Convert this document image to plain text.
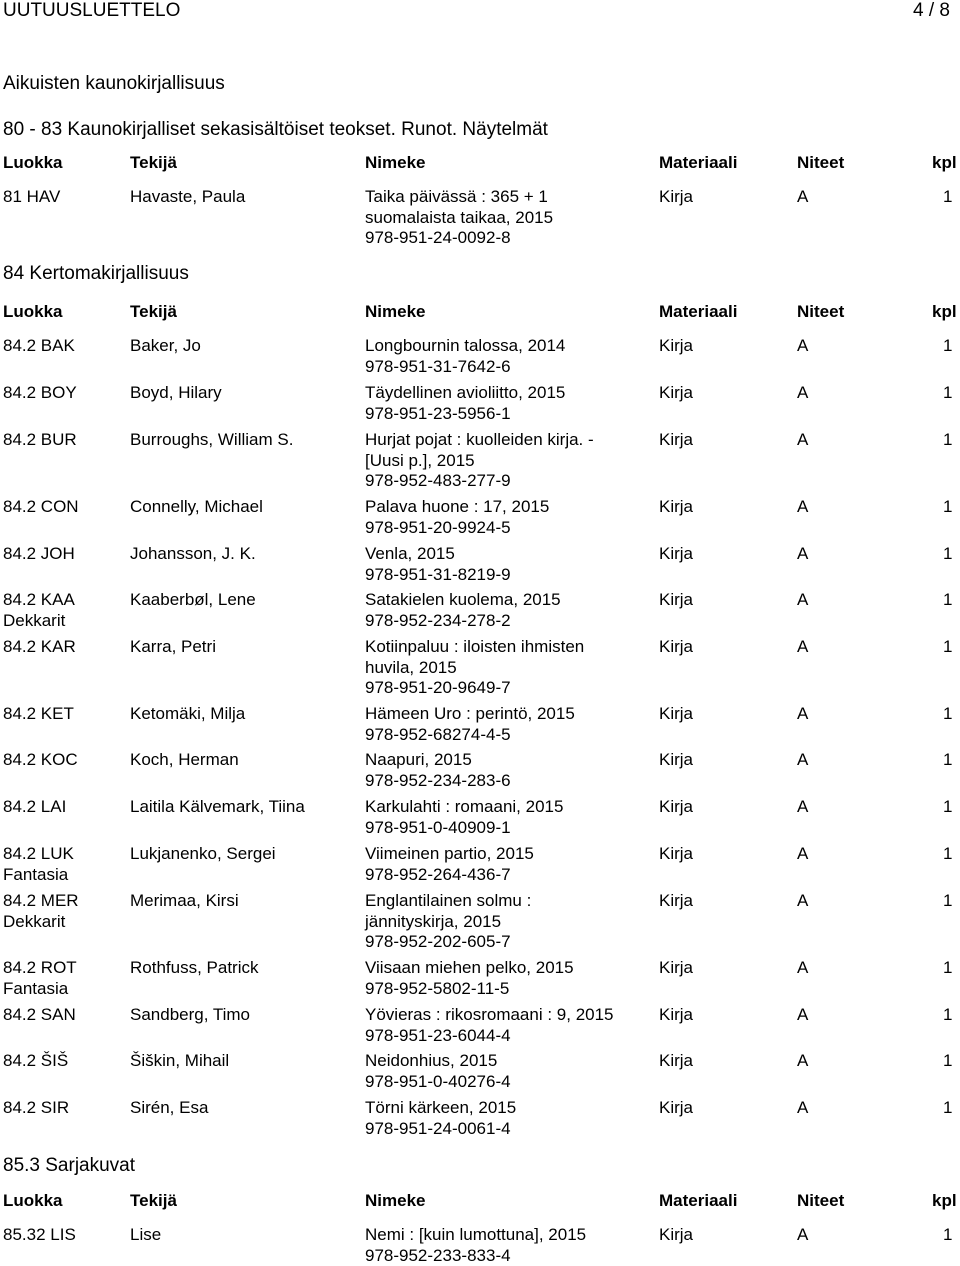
UUTUUSLUETTELO	4 / 8
Aikuisten kaunokirjallisuus
80 - 83 Kaunokirjalliset sekasisältöiset teokset. Runot. Näytelmät
Luokka	Tekijä	Nimeke	Materiaali	Niteet	kpl
81 HAV	Havaste, Paula	Taika päivässä : 365 + 1
suomalaista taikaa, 2015
978-951-24-0092-8
Kirja	A	1
84 Kertomakirjallisuus
Luokka	Tekijä	Nimeke	Materiaali	Niteet	kpl
84.2 BAK	Baker, Jo	Longbournin talossa, 2014
978-951-31-7642-6
Kirja	A	1
84.2 BOY	Boyd, Hilary	Täydellinen avioliitto, 2015
978-951-23-5956-1
Kirja	A	1
84.2 BUR	Burroughs, William S.	Hurjat pojat : kuolleiden kirja. -
[Uusi p.], 2015
978-952-483-277-9
Kirja	A	1
84.2 CON	Connelly, Michael	Palava huone : 17, 2015
978-951-20-9924-5
Kirja	A	1
84.2 JOH	Johansson, J. K.	Venla, 2015
978-951-31-8219-9
Kirja	A	1
84.2 KAA
Dekkarit
Kaaberbøl, Lene	Satakielen kuolema, 2015
978-952-234-278-2
Kirja	A	1
84.2 KAR	Karra, Petri	Kotiinpaluu : iloisten ihmisten
huvila, 2015
978-951-20-9649-7
Kirja	A	1
84.2 KET	Ketomäki, Milja	Hämeen Uro : perintö, 2015
978-952-68274-4-5
Kirja	A	1
84.2 KOC	Koch, Herman	Naapuri, 2015
978-952-234-283-6
Kirja	A	1
84.2 LAI	Laitila Kälvemark, Tiina	Karkulahti : romaani, 2015
978-951-0-40909-1
Kirja	A	1
84.2 LUK
Fantasia
Lukjanenko, Sergei	Viimeinen partio, 2015
978-952-264-436-7
Kirja	A	1
84.2 MER
Dekkarit
Merimaa, Kirsi	Englantilainen solmu :
jännityskirja, 2015
978-952-202-605-7
Kirja	A	1
84.2 ROT
Fantasia
Rothfuss, Patrick	Viisaan miehen pelko, 2015
978-952-5802-11-5
Kirja	A	1
84.2 SAN	Sandberg, Timo	Yövieras : rikosromaani : 9, 2015
978-951-23-6044-4
Kirja	A	1
84.2 ŠIŠ	Šiškin, Mihail	Neidonhius, 2015
978-951-0-40276-4
Kirja	A	1
84.2 SIR	Sirén, Esa	Törni kärkeen, 2015
978-951-24-0061-4
Kirja	A	1
85.3 Sarjakuvat
Luokka	Tekijä	Nimeke	Materiaali	Niteet	kpl
85.32 LIS	Lise	Nemi : [kuin lumottuna], 2015
978-952-233-833-4
Kirja	A	1
